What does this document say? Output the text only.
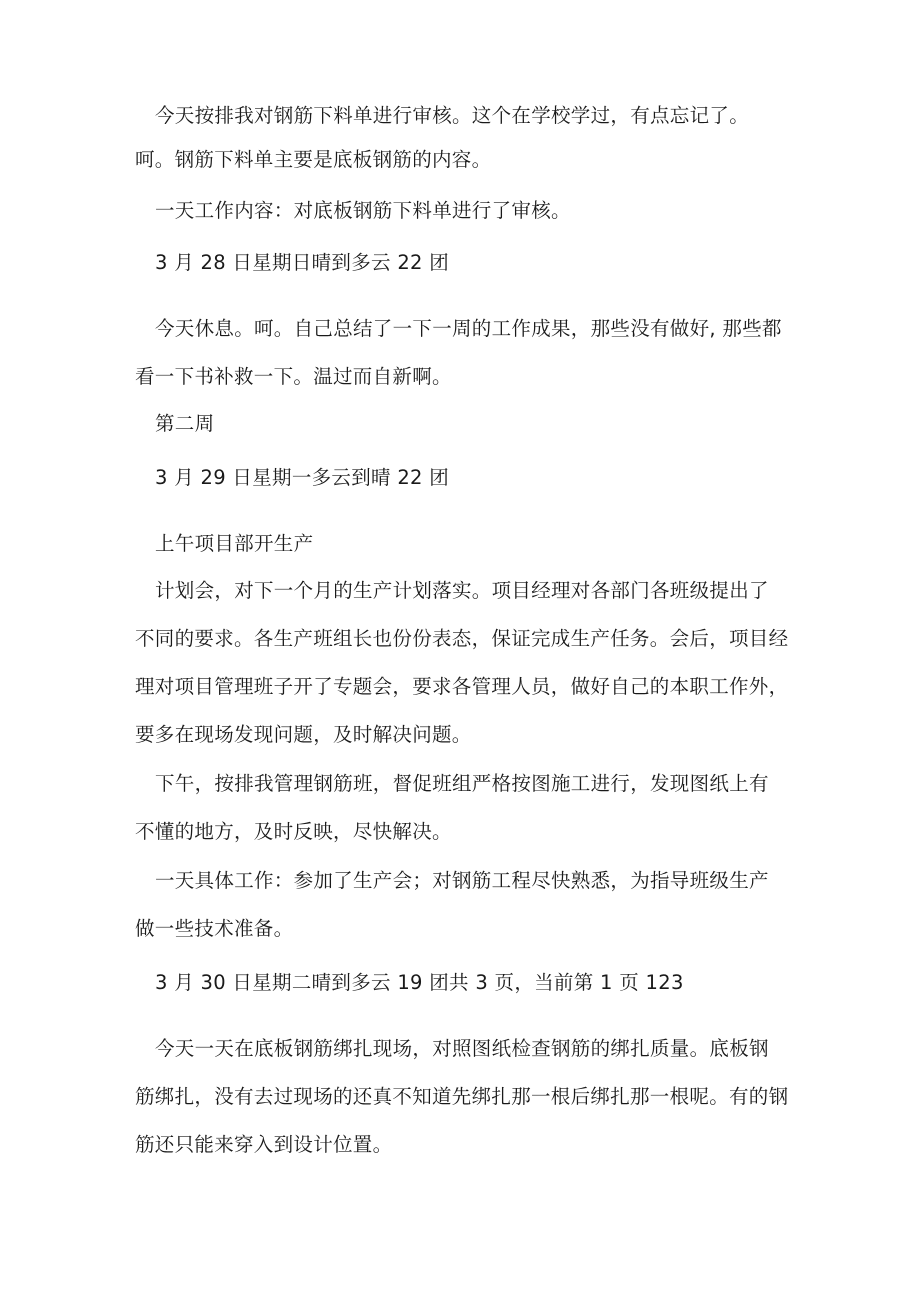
今天按排我对钢筋下料单进行审核。这个在学校学过，有点忘记了。
呵。钢筋下料单主要是底板钢筋的内容。
一天工作内容：对底板钢筋下料单进行了审核。
3 月 28 日星期日晴到多云 22 团
今天休息。呵。自己总结了一下一周的工作成果，那些没有做好, 那些都
看一下书补救一下。温过而自新啊。
第二周
3 月 29 日星期一多云到晴 22 团
上午项目部开生产
计划会，对下一个月的生产计划落实。项目经理对各部门各班级提出了
不同的要求。各生产班组长也份份表态，保证完成生产任务。会后，项目经
理对项目管理班子开了专题会，要求各管理人员，做好自己的本职工作外，
要多在现场发现问题，及时解决问题。
下午，按排我管理钢筋班，督促班组严格按图施工进行，发现图纸上有
不懂的地方，及时反映，尽快解决。
一天具体工作：参加了生产会；对钢筋工程尽快熟悉，为指导班级生产
做一些技术准备。
3 月 30 日星期二晴到多云 19 团共 3 页，当前第 1 页 123
今天一天在底板钢筋绑扎现场，对照图纸检查钢筋的绑扎质量。底板钢
筋绑扎，没有去过现场的还真不知道先绑扎那一根后绑扎那一根呢。有的钢
筋还只能来穿入到设计位置。
